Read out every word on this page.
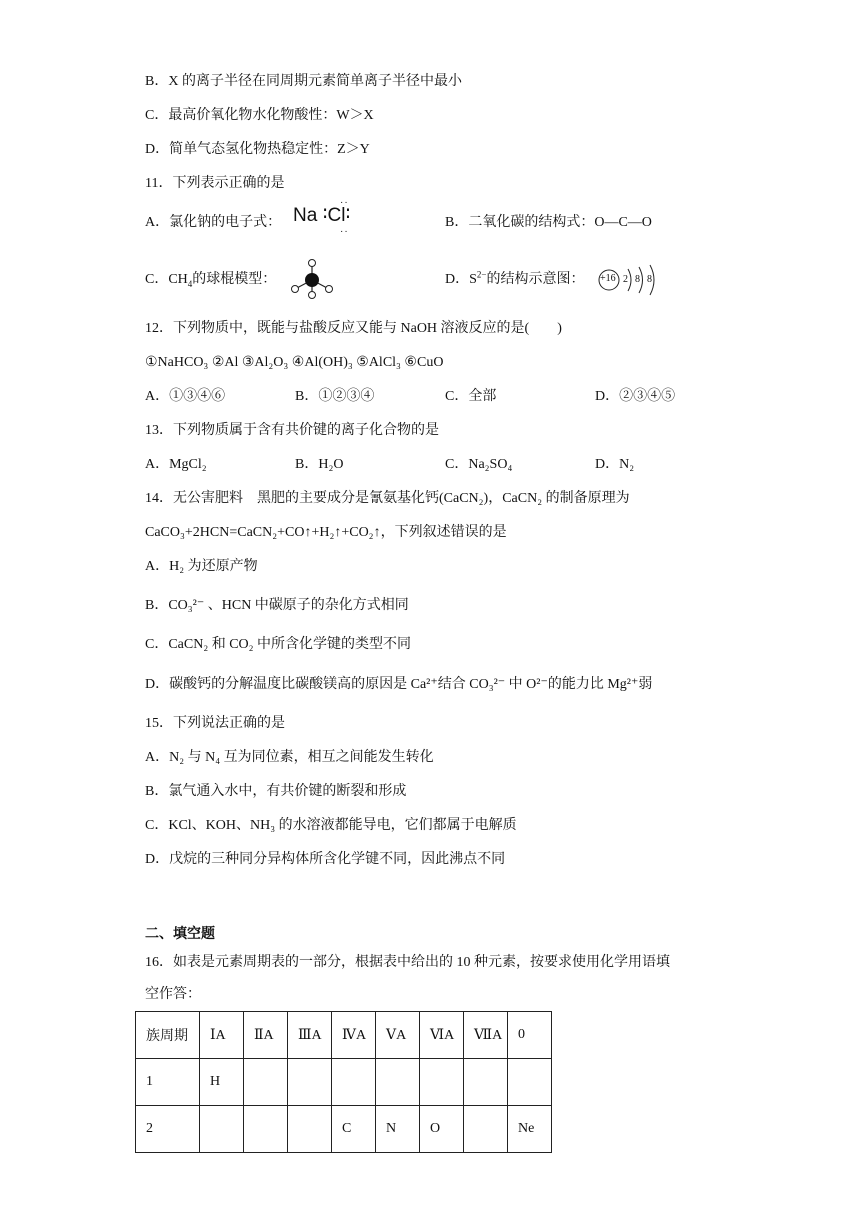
B．X 的离子半径在同周期元素简单离子半径中最小
C．最高价氧化物水化物酸性：W＞X
D．简单气态氢化物热稳定性：Z＞Y
11．下列表示正确的是
A．氯化钠的电子式： Na ∶Cl∶
··
··
B．二氧化碳的结构式：O—C—O
C．$CH_4$的球棍模型：	D．$S^{2-}$的结构示意图： +16 2 8 8
12．下列物质中，既能与盐酸反应又能与 NaOH 溶液反应的是(　　)
①NaHCO₃ ②Al ③Al₂O₃ ④Al(OH)₃ ⑤AlCl₃ ⑥CuO
A．①③④⑥	B．①②③④	C．全部	D．②③④⑤
13．下列物质属于含有共价键的离子化合物的是
A．MgCl₂	B．H₂O	C．Na₂SO₄	D．N₂
14．无公害肥料　黑肥的主要成分是氰氨基化钙(CaCN₂)，CaCN₂ 的制备原理为
CaCO₃+2HCN=CaCN₂+CO↑+H₂↑+CO₂↑，下列叙述错误的是
A．H₂ 为还原产物
B．CO₃²⁻ 、HCN 中碳原子的杂化方式相同
C．CaCN₂ 和 CO₂ 中所含化学键的类型不同
D．碳酸钙的分解温度比碳酸镁高的原因是 Ca²⁺结合 CO₃²⁻ 中 O²⁻的能力比 Mg²⁺弱
15．下列说法正确的是
A．N₂ 与 N₄ 互为同位素，相互之间能发生转化
B．氯气通入水中，有共价键的断裂和形成
C．KCl、KOH、NH₃ 的水溶液都能导电，它们都属于电解质
D．戊烷的三种同分异构体所含化学键不同，因此沸点不同
二、填空题
16．如表是元素周期表的一部分，根据表中给出的 10 种元素，按要求使用化学用语填
空作答：
族周期	ⅠA	ⅡA	ⅢA	ⅣA	ⅤA	ⅥA	ⅦA	0
1	H							
2				C	N	O		Ne
